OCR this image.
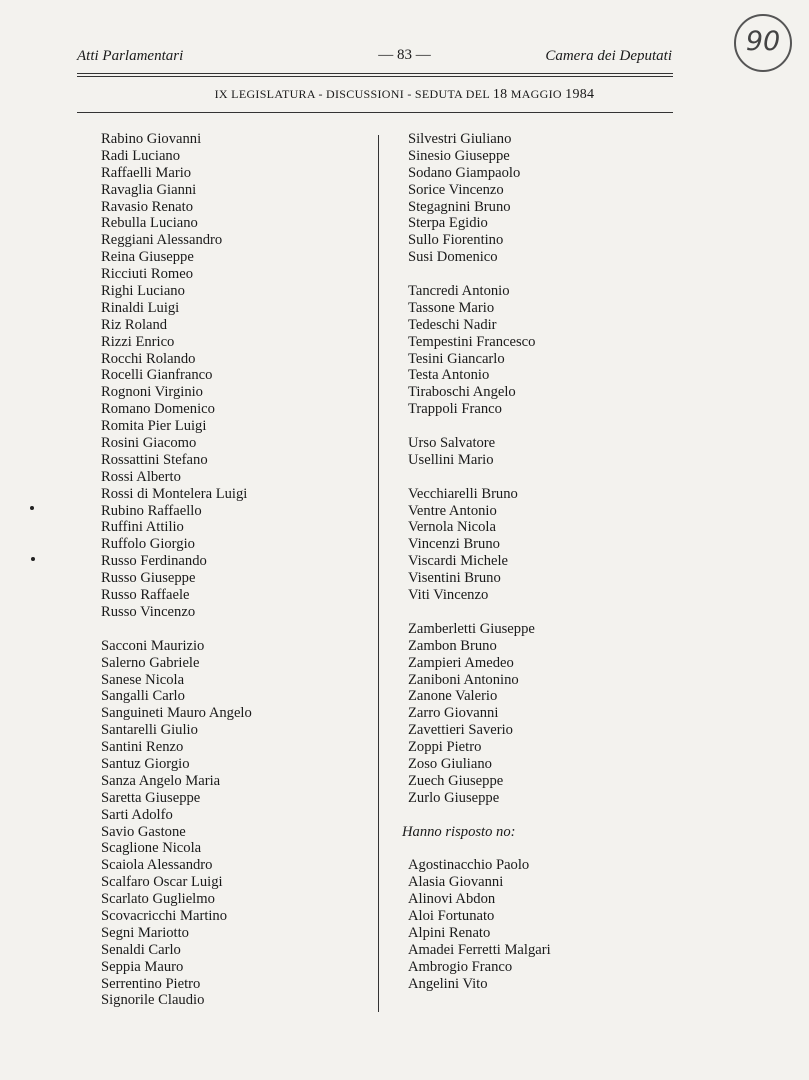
Atti Parlamentari	— 83 —	Camera dei Deputati	90
IX LEGISLATURA - DISCUSSIONI - SEDUTA DEL 18 MAGGIO 1984
Rabino Giovanni
Radi Luciano
Raffaelli Mario
Ravaglia Gianni
Ravasio Renato
Rebulla Luciano
Reggiani Alessandro
Reina Giuseppe
Ricciuti Romeo
Righi Luciano
Rinaldi Luigi
Riz Roland
Rizzi Enrico
Rocchi Rolando
Rocelli Gianfranco
Rognoni Virginio
Romano Domenico
Romita Pier Luigi
Rosini Giacomo
Rossattini Stefano
Rossi Alberto
Rossi di Montelera Luigi
Rubino Raffaello
Ruffini Attilio
Ruffolo Giorgio
Russo Ferdinando
Russo Giuseppe
Russo Raffaele
Russo Vincenzo
Sacconi Maurizio
Salerno Gabriele
Sanese Nicola
Sangalli Carlo
Sanguineti Mauro Angelo
Santarelli Giulio
Santini Renzo
Santuz Giorgio
Sanza Angelo Maria
Saretta Giuseppe
Sarti Adolfo
Savio Gastone
Scaglione Nicola
Scaiola Alessandro
Scalfaro Oscar Luigi
Scarlato Guglielmo
Scovacricchi Martino
Segni Mariotto
Senaldi Carlo
Seppia Mauro
Serrentino Pietro
Signorile Claudio
Silvestri Giuliano
Sinesio Giuseppe
Sodano Giampaolo
Sorice Vincenzo
Stegagnini Bruno
Sterpa Egidio
Sullo Fiorentino
Susi Domenico
Tancredi Antonio
Tassone Mario
Tedeschi Nadir
Tempestini Francesco
Tesini Giancarlo
Testa Antonio
Tiraboschi Angelo
Trappoli Franco
Urso Salvatore
Usellini Mario
Vecchiarelli Bruno
Ventre Antonio
Vernola Nicola
Vincenzi Bruno
Viscardi Michele
Visentini Bruno
Viti Vincenzo
Zamberletti Giuseppe
Zambon Bruno
Zampieri Amedeo
Zaniboni Antonino
Zanone Valerio
Zarro Giovanni
Zavettieri Saverio
Zoppi Pietro
Zoso Giuliano
Zuech Giuseppe
Zurlo Giuseppe
Hanno risposto no:
Agostinacchio Paolo
Alasia Giovanni
Alinovi Abdon
Aloi Fortunato
Alpini Renato
Amadei Ferretti Malgari
Ambrogio Franco
Angelini Vito
